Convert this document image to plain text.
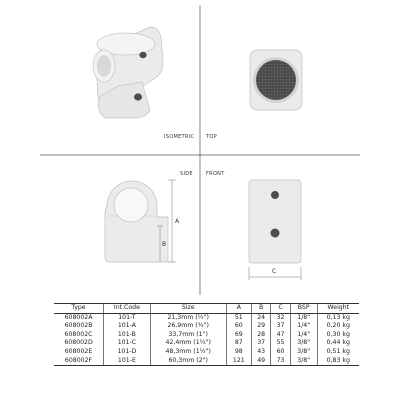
ISOMETRIC TOP
SIDE	FRONT
A
B
C
Type	Int.Code	Size	A	B	C	BSP	Weight
608002A	101-T	21,3mm (½")	51	24	32	1/8"	0,13 kg
608002B	101-A	26,9mm (¾")	60	29	37	1/4"	0,20 kg
608002C	101-B	33,7mm (1")	69	28	47	1/4"	0,30 kg
608002D	101-C	42,4mm (1¼")	87	37	55	3/8"	0,44 kg
608002E	101-D	48,3mm (1½")	98	43	60	3/8"	0,51 kg
608002F	101-E	60,3mm (2")	121	49	73	3/8"	0,83 kg
